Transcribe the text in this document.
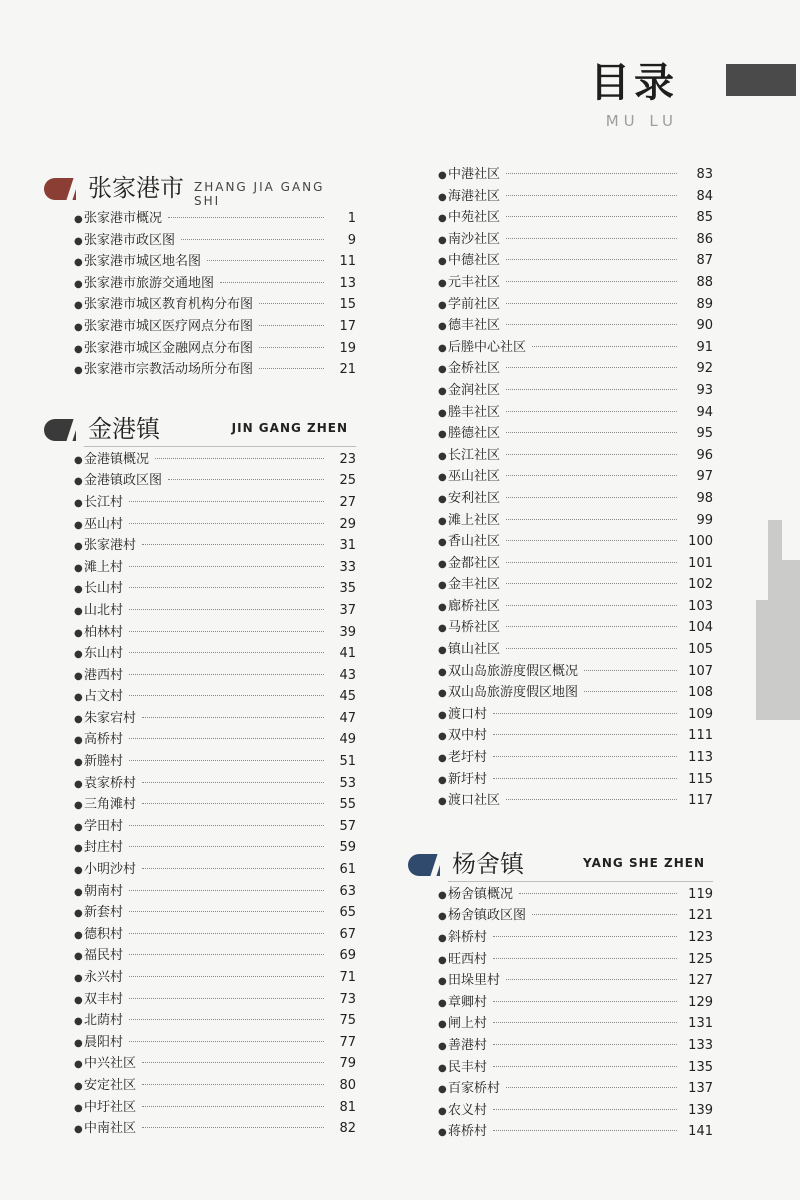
目录
MU LU
张家港市 ZHANG JIA GANG SHI
● 张家港市概况	1
● 张家港市政区图	9
● 张家港市城区地名图	11
● 张家港市旅游交通地图	13
● 张家港市城区教育机构分布图	15
● 张家港市城区医疗网点分布图	17
● 张家港市城区金融网点分布图	19
● 张家港市宗教活动场所分布图	21
金港镇	JIN GANG ZHEN
● 金港镇概况	23
● 金港镇政区图	25
● 长江村	27
● 巫山村	29
● 张家港村	31
● 滩上村	33
● 长山村	35
● 山北村	37
● 柏林村	39
● 东山村	41
● 港西村	43
● 占文村	45
● 朱家宕村	47
● 高桥村	49
● 新塍村	51
● 袁家桥村	53
● 三角滩村	55
● 学田村	57
● 封庄村	59
● 小明沙村	61
● 朝南村	63
● 新套村	65
● 德积村	67
● 福民村	69
● 永兴村	71
● 双丰村	73
● 北荫村	75
● 晨阳村	77
● 中兴社区	79
● 安定社区	80
● 中圩社区	81
● 中南社区	82
● 中港社区	83
● 海港社区	84
● 中苑社区	85
● 南沙社区	86
● 中德社区	87
● 元丰社区	88
● 学前社区	89
● 德丰社区	90
● 后塍中心社区	91
● 金桥社区	92
● 金润社区	93
● 塍丰社区	94
● 塍德社区	95
● 长江社区	96
● 巫山社区	97
● 安利社区	98
● 滩上社区	99
● 香山社区	100
● 金都社区	101
● 金丰社区	102
● 廊桥社区	103
● 马桥社区	104
● 镇山社区	105
● 双山岛旅游度假区概况	107
● 双山岛旅游度假区地图	108
● 渡口村	109
● 双中村	111
● 老圩村	113
● 新圩村	115
● 渡口社区	117
杨舍镇	YANG SHE ZHEN
● 杨舍镇概况	119
● 杨舍镇政区图	121
● 斜桥村	123
● 旺西村	125
● 田垛里村	127
● 章卿村	129
● 闸上村	131
● 善港村	133
● 民丰村	135
● 百家桥村	137
● 农义村	139
● 蒋桥村	141
